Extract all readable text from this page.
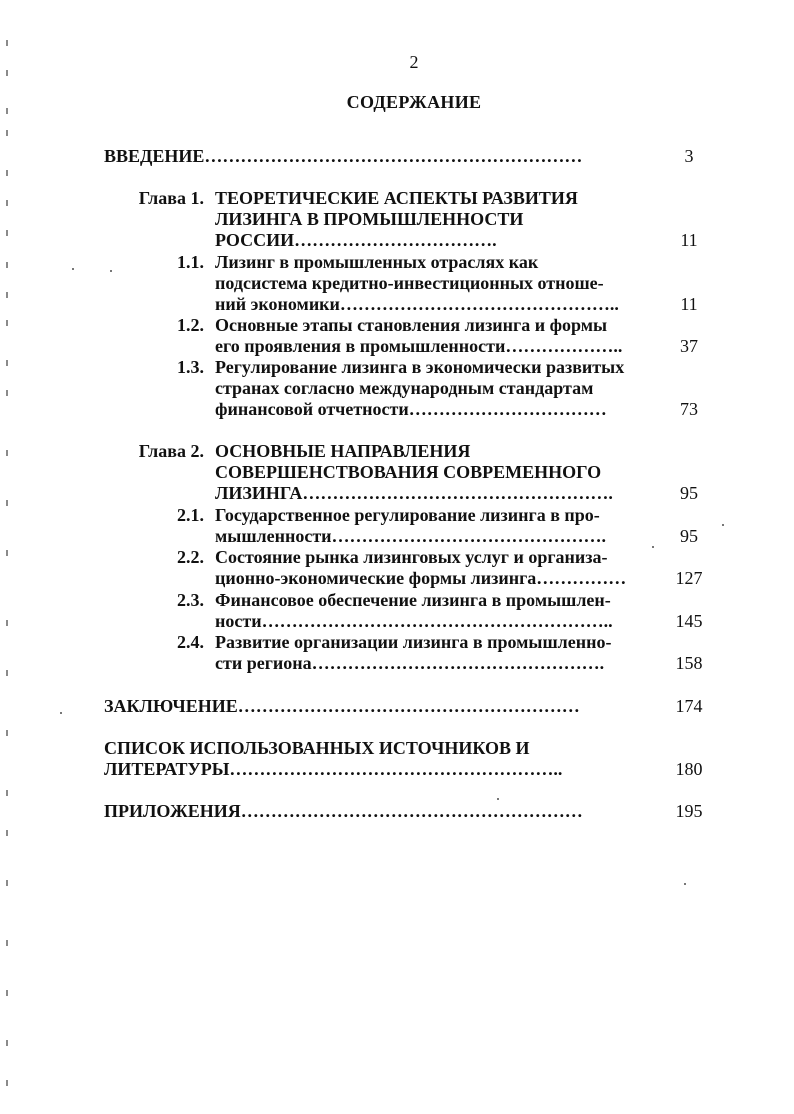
2
СОДЕРЖАНИЕ
ВВЕДЕНИЕ………………………………………………………	3
Глава 1. ТЕОРЕТИЧЕСКИЕ АСПЕКТЫ РАЗВИТИЯ
ЛИЗИНГА В ПРОМЫШЛЕННОСТИ
РОССИИ…………………………….	11
1.1. Лизинг в промышленных отраслях как
подсистема кредитно-инвестиционных отноше-
ний экономики………………………………………..	11
1.2. Основные этапы становления лизинга и формы
его проявления в промышленности………………..	37
1.3. Регулирование лизинга в экономически развитых
странах согласно международным стандартам
финансовой отчетности……………………………	73
Глава 2. ОСНОВНЫЕ НАПРАВЛЕНИЯ
СОВЕРШЕНСТВОВАНИЯ СОВРЕМЕННОГО
ЛИЗИНГА…………………………………………….	95
2.1. Государственное регулирование лизинга в про-
мышленности……………………………………….	95
2.2. Состояние рынка лизинговых услуг и организа-
ционно-экономические формы лизинга……………	127
2.3. Финансовое обеспечение лизинга в промышлен-
ности…………………………………………………..	145
2.4. Развитие организации лизинга в промышленно-
сти региона………………………………………….	158
ЗАКЛЮЧЕНИЕ…………………………………………………	174
СПИСОК ИСПОЛЬЗОВАННЫХ ИСТОЧНИКОВ И
ЛИТЕРАТУРЫ………………………………………………..	180
ПРИЛОЖЕНИЯ…………………………………………………	195
